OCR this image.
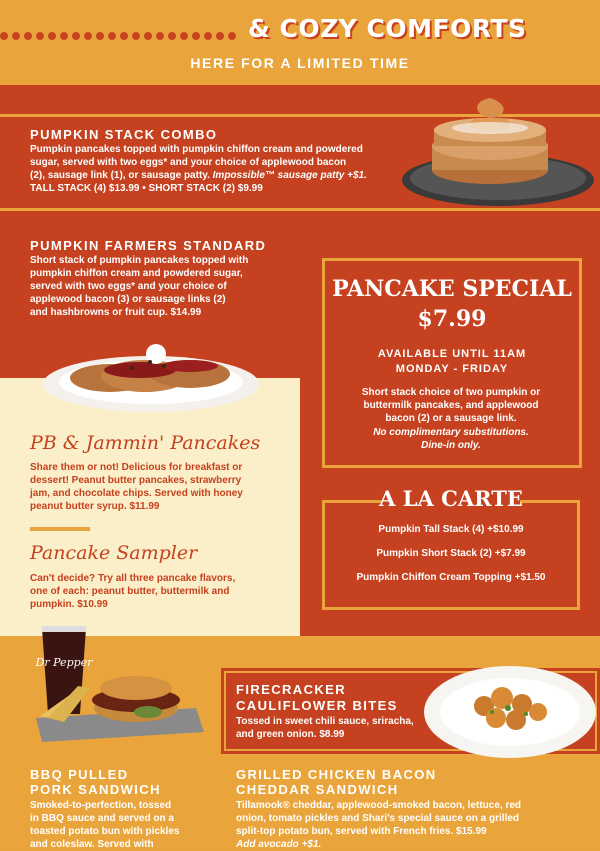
& COZY COMFORTS
HERE FOR A LIMITED TIME
PUMPKIN STACK COMBO
Pumpkin pancakes topped with pumpkin chiffon cream and powdered
sugar, served with two eggs* and your choice of applewood bacon
(2), sausage link (1), or sausage patty. Impossible™ sausage patty +$1.
TALL STACK (4) $13.99 • SHORT STACK (2) $9.99
PUMPKIN FARMERS STANDARD
Short stack of pumpkin pancakes topped with
pumpkin chiffon cream and powdered sugar,
served with two eggs* and your choice of
applewood bacon (3) or sausage links (2)
and hashbrowns or fruit cup. $14.99
PB & Jammin' Pancakes
Share them or not! Delicious for breakfast or
dessert! Peanut butter pancakes, strawberry
jam, and chocolate chips. Served with honey
peanut butter syrup. $11.99
Pancake Sampler
Can't decide? Try all three pancake flavors,
one of each: peanut butter, buttermilk and
pumpkin. $10.99
PANCAKE SPECIAL
$7.99
AVAILABLE UNTIL 11AM
MONDAY - FRIDAY
Short stack choice of two pumpkin or
buttermilk pancakes, and applewood
bacon (2) or a sausage link.
No complimentary substitutions.
Dine-in only.
A LA CARTE
Pumpkin Tall Stack (4) +$10.99
Pumpkin Short Stack (2) +$7.99
Pumpkin Chiffon Cream Topping +$1.50
Dr Pepper
FIRECRACKER
CAULIFLOWER BITES
Tossed in sweet chili sauce, sriracha,
and green onion. $8.99
BBQ PULLED
PORK SANDWICH
Smoked-to-perfection, tossed
in BBQ sauce and served on a
toasted potato bun with pickles
and coleslaw. Served with
GRILLED CHICKEN BACON
CHEDDAR SANDWICH
Tillamook® cheddar, applewood-smoked bacon, lettuce, red
onion, tomato pickles and Shari's special sauce on a grilled
split-top potato bun, served with French fries. $15.99
Add avocado +$1.
